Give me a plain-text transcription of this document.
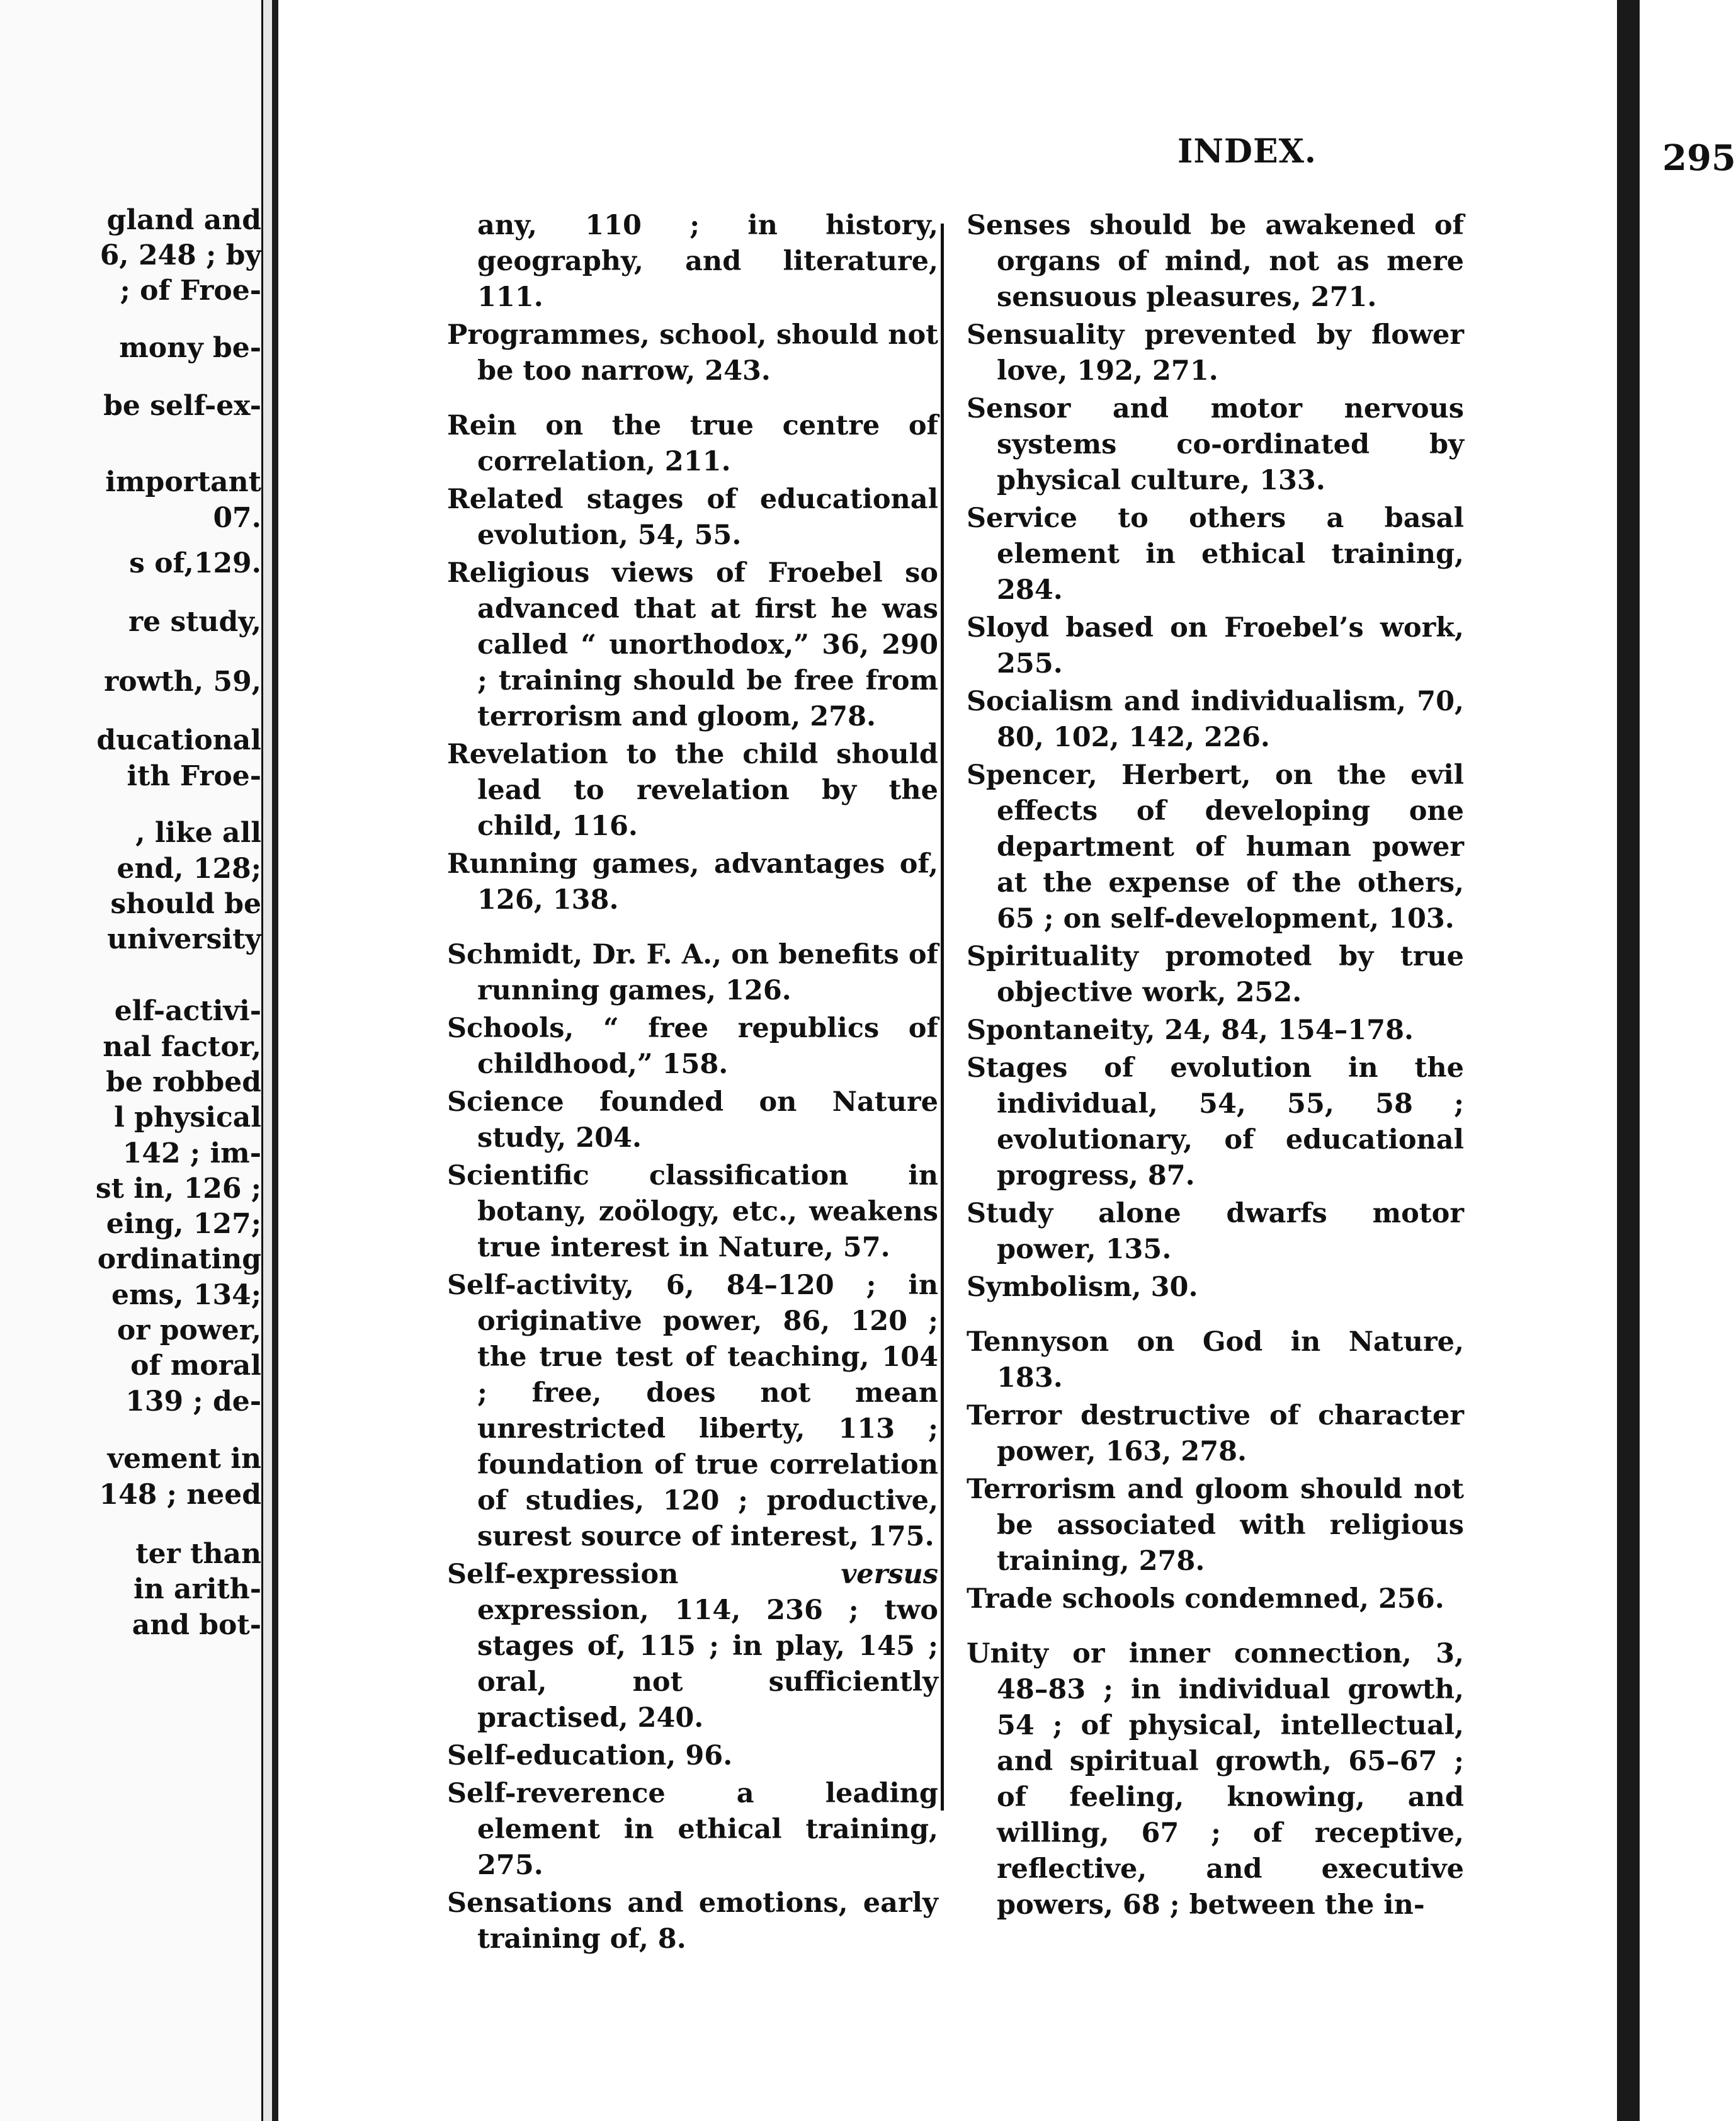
gland and

6, 248 ; by

; of Froe-

mony be-

be self-ex-

important

07.

s of,129.

re study,

rowth, 59,

ducational

ith Froe-

, like all

end, 128;

should be

university

elf-activi-

nal factor,

be robbed

l physical

142 ; im-

st in, 126 ;

eing, 127;

ordinating

ems, 134;

or power,

of moral

139 ; de-

vement in

148 ; need

ter than

in arith-

and bot-

INDEX.	295

any, 110 ; in history, geography, and literature, 111.

Programmes, school, should not be too narrow, 243.

Rein on the true centre of correlation, 211.

Related stages of educational evolution, 54, 55.

Religious views of Froebel so advanced that at first he was called “ unorthodox,” 36, 290 ; training should be free from terrorism and gloom, 278.

Revelation to the child should lead to revelation by the child, 116.

Running games, advantages of, 126, 138.

Schmidt, Dr. F. A., on benefits of running games, 126.

Schools, “ free republics of childhood,” 158.

Science founded on Nature study, 204.

Scientific classification in botany, zoölogy, etc., weakens true interest in Nature, 57.

Self-activity, 6, 84–120 ; in originative power, 86, 120 ; the true test of teaching, 104 ; free, does not mean unrestricted liberty, 113 ; foundation of true correlation of studies, 120 ; productive, surest source of interest, 175.

Self-expression versus expression, 114, 236 ; two stages of, 115 ; in play, 145 ; oral, not sufficiently practised, 240.

Self-education, 96.

Self-reverence a leading element in ethical training, 275.

Sensations and emotions, early training of, 8.

Senses should be awakened of organs of mind, not as mere sensuous pleasures, 271.

Sensuality prevented by flower love, 192, 271.

Sensor and motor nervous systems co-ordinated by physical culture, 133.

Service to others a basal element in ethical training, 284.

Sloyd based on Froebel’s work, 255.

Socialism and individualism, 70, 80, 102, 142, 226.

Spencer, Herbert, on the evil effects of developing one department of human power at the expense of the others, 65 ; on self-development, 103.

Spirituality promoted by true objective work, 252.

Spontaneity, 24, 84, 154–178.

Stages of evolution in the individual, 54, 55, 58 ; evolutionary, of educational progress, 87.

Study alone dwarfs motor power, 135.

Symbolism, 30.

Tennyson on God in Nature, 183.

Terror destructive of character power, 163, 278.

Terrorism and gloom should not be associated with religious training, 278.

Trade schools condemned, 256.

Unity or inner connection, 3, 48–83 ; in individual growth, 54 ; of physical, intellectual, and spiritual growth, 65–67 ; of feeling, knowing, and willing, 67 ; of receptive, reflective, and executive powers, 68 ; between the in-
